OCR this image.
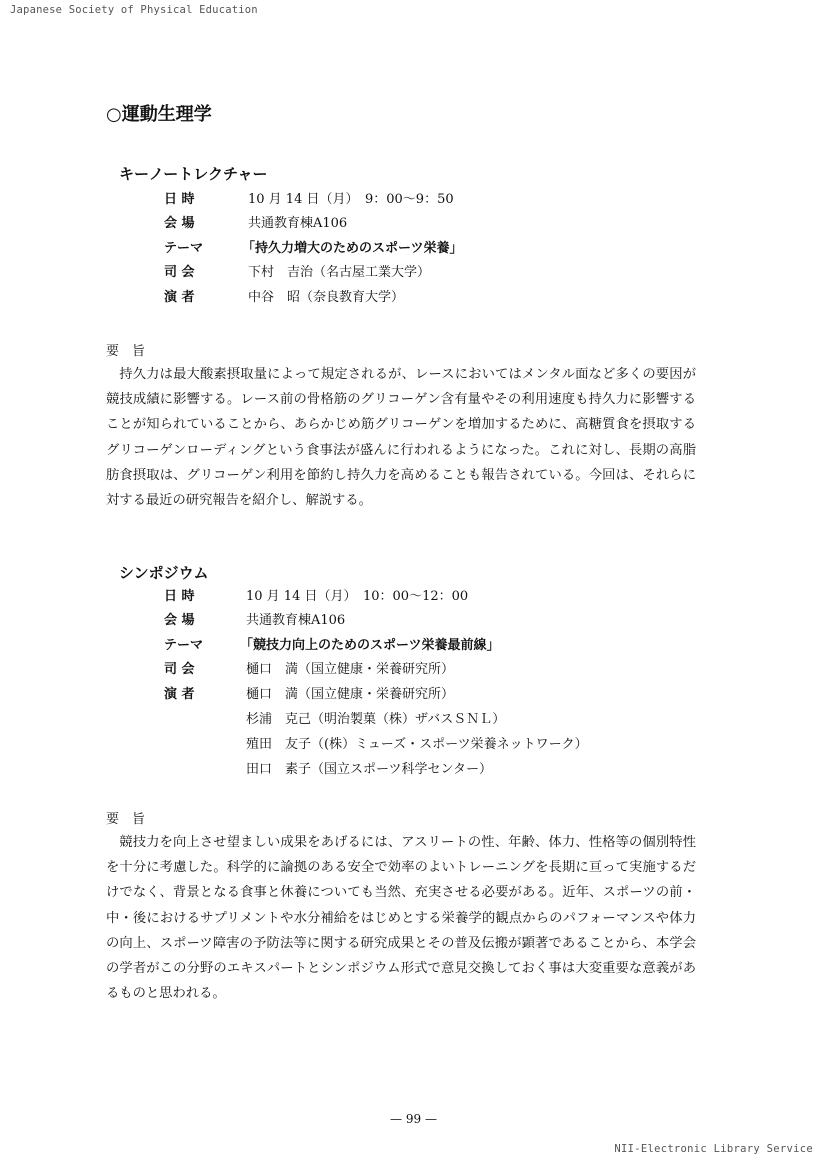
Japanese Society of Physical Education
○運動生理学
キーノートレクチャー
日 時	10 月 14 日（月）　9：00〜9：50
会 場	共通教育棟A106
テーマ	「持久力増大のためのスポーツ栄養」
司 会	下村　吉治（名古屋工業大学）
演 者	中谷　昭（奈良教育大学）
要　旨

持久力は最大酸素摂取量によって規定されるが、レースにおいてはメンタル面など多くの要因が競技成績に影響する。レース前の骨格筋のグリコーゲン含有量やその利用速度も持久力に影響することが知られていることから、あらかじめ筋グリコーゲンを増加するために、高糖質食を摂取するグリコーゲンローディングという食事法が盛んに行われるようになった。これに対し、長期の高脂肪食摂取は、グリコーゲン利用を節約し持久力を高めることも報告されている。今回は、それらに対する最近の研究報告を紹介し、解説する。

シンポジウム
日 時	10 月 14 日（月）　10：00〜12：00
会 場	共通教育棟A106
テーマ	「競技力向上のためのスポーツ栄養最前線」
司 会	樋口　満（国立健康・栄養研究所）
演 者	樋口　満（国立健康・栄養研究所）
杉浦　克己（明治製菓（株）ザバスＳＮＬ）
殖田　友子（(株）ミューズ・スポーツ栄養ネットワーク）
田口　素子（国立スポーツ科学センター）
要　旨

競技力を向上させ望ましい成果をあげるには、アスリートの性、年齢、体力、性格等の個別特性を十分に考慮した。科学的に論拠のある安全で効率のよいトレーニングを長期に亘って実施するだけでなく、背景となる食事と休養についても当然、充実させる必要がある。近年、スポーツの前・中・後におけるサプリメントや水分補給をはじめとする栄養学的観点からのパフォーマンスや体力の向上、スポーツ障害の予防法等に関する研究成果とその普及伝搬が顕著であることから、本学会の学者がこの分野のエキスパートとシンポジウム形式で意見交換しておく事は大変重要な意義があるものと思われる。

— 99 —
NII-Electronic Library Service
